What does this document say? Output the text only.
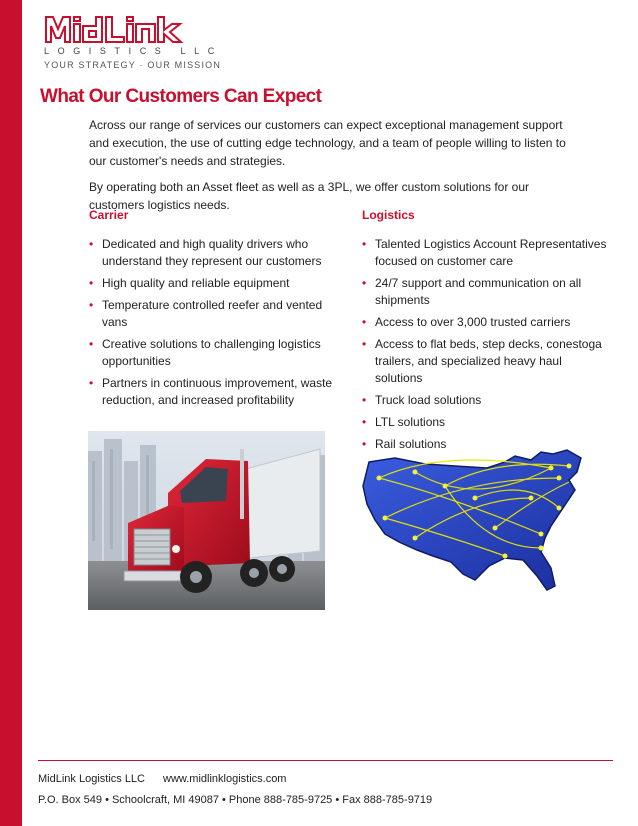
LOGISTICS LLC
YOUR STRATEGY · OUR MISSION
What Our Customers Can Expect

Across our range of services our customers can expect exceptional management support and execution, the use of cutting edge technology, and a team of people willing to listen to our customer's needs and strategies.

By operating both an Asset fleet as well as a 3PL, we offer custom solutions for our customers logistics needs.

Carrier
• Dedicated and high quality drivers who understand they represent our customers
• High quality and reliable equipment
• Temperature controlled reefer and vented vans
• Creative solutions to challenging logistics opportunities
• Partners in continuous improvement, waste reduction, and increased profitability
Logistics
• Talented Logistics Account Representatives focused on customer care
• 24/7 support and communication on all shipments
• Access to over 3,000 trusted carriers
• Access to flat beds, step decks, conestoga trailers, and specialized heavy haul solutions
• Truck load solutions
• LTL solutions
• Rail solutions
MidLink Logistics LLC www.midlinklogistics.com
P.O. Box 549 • Schoolcraft, MI 49087 • Phone 888-785-9725 • Fax 888-785-9719
